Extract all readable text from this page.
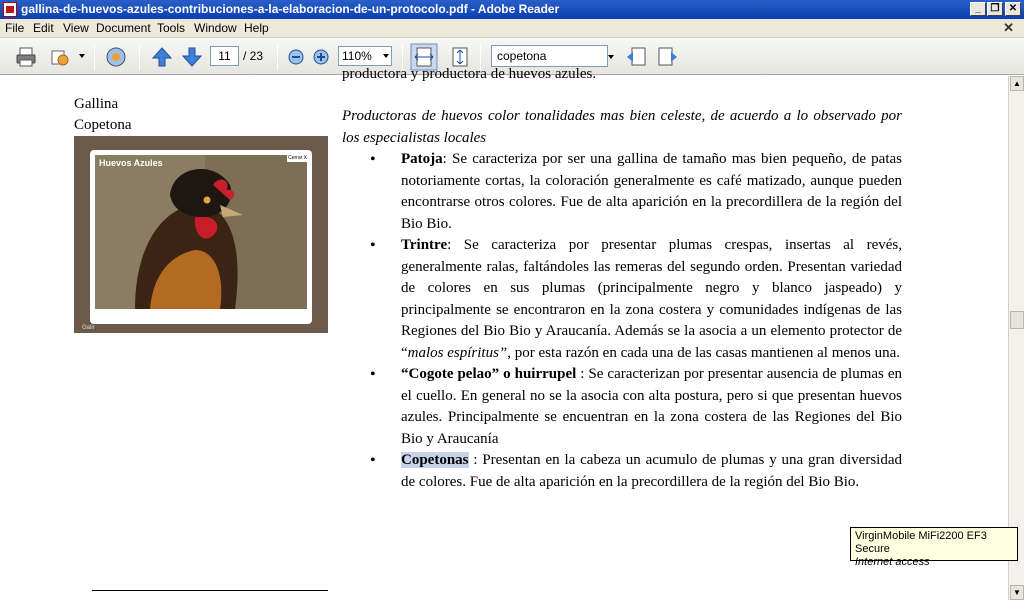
gallina-de-huevos-azules-contribuciones-a-la-elaboracion-de-un-protocolo.pdf - Adobe Reader	_ ❐ ✕
File Edit View Document Tools Window Help	✕
11	/ 23	110%	copetona
productora y productora de huevos azules.
Gallina
Copetona
Huevos Azules	Cerrar X
Galir
Productoras de huevos color tonalidades mas bien celeste, de acuerdo a lo observado por los especialistas locales
• Patoja: Se caracteriza por ser una gallina de tamaño mas bien pequeño, de patas notoriamente cortas, la coloración generalmente es café matizado, aunque pueden encontrarse otros colores. Fue de alta aparición en la precordillera de la región del Bio Bio.
• Trintre: Se caracteriza por presentar plumas crespas, insertas al revés, generalmente ralas, faltándoles las remeras del segundo orden. Presentan variedad de colores en sus plumas (principalmente negro y blanco jaspeado) y principalmente se encontraron en la zona costera y comunidades indígenas de las Regiones del Bio Bio y Araucanía. Además se la asocia a un elemento protector de “malos espíritus”, por esta razón en cada una de las casas mantienen al menos una.
• “Cogote pelao” o huirrupel : Se caracterizan por presentar ausencia de plumas en el cuello. En general no se la asocia con alta postura, pero si que presentan huevos azules. Principalmente se encuentran en la zona costera de las Regiones del Bio Bio y Araucanía
• Copetonas : Presentan en la cabeza un acumulo de plumas y una gran diversidad de colores. Fue de alta aparición en la precordillera de la región del Bio Bio.
▲
▼
VirginMobile MiFi2200 EF3 Secure
Internet access
